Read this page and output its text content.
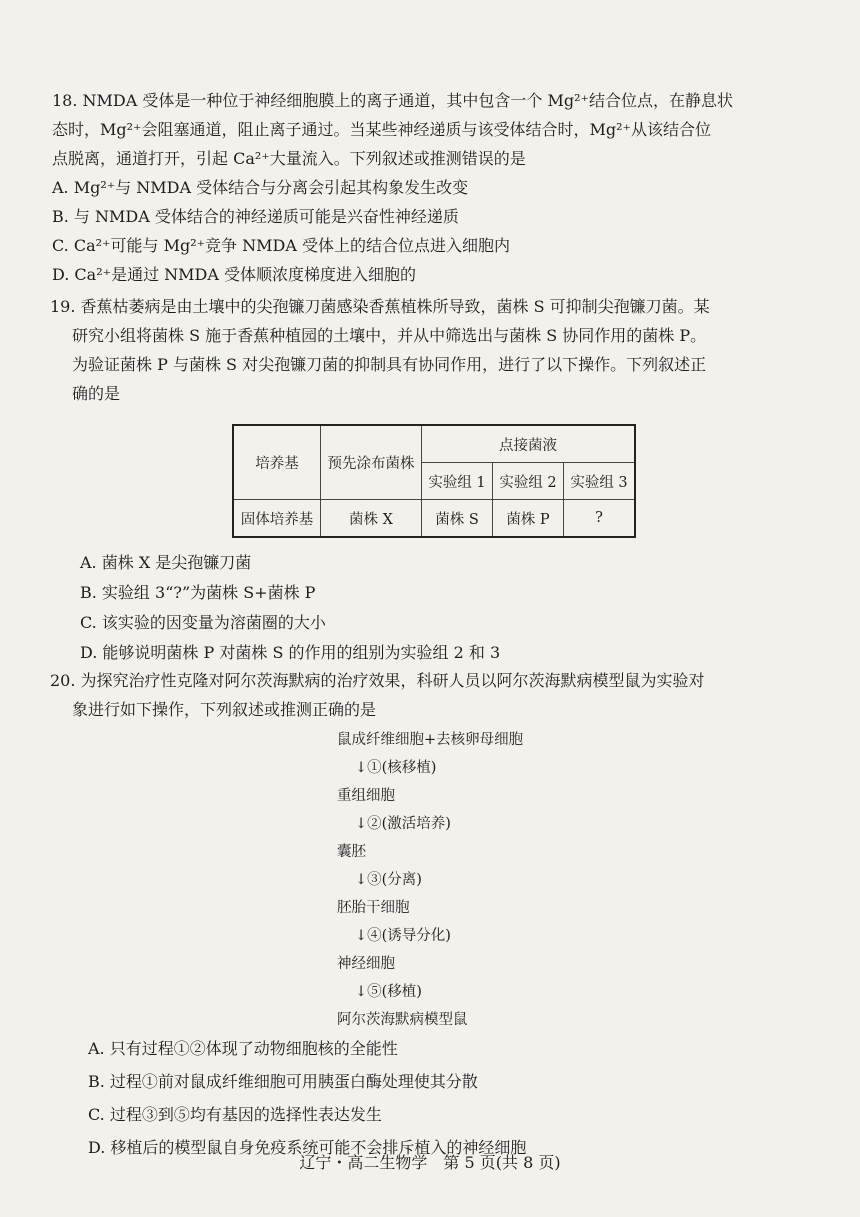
18. NMDA 受体是一种位于神经细胞膜上的离子通道，其中包含一个 Mg²⁺结合位点，在静息状

态时，Mg²⁺会阻塞通道，阻止离子通过。当某些神经递质与该受体结合时，Mg²⁺从该结合位

点脱离，通道打开，引起 Ca²⁺大量流入。下列叙述或推测错误的是

A. Mg²⁺与 NMDA 受体结合与分离会引起其构象发生改变

B. 与 NMDA 受体结合的神经递质可能是兴奋性神经递质

C. Ca²⁺可能与 Mg²⁺竞争 NMDA 受体上的结合位点进入细胞内

D. Ca²⁺是通过 NMDA 受体顺浓度梯度进入细胞的

19. 香蕉枯萎病是由土壤中的尖孢镰刀菌感染香蕉植株所导致，菌株 S 可抑制尖孢镰刀菌。某

研究小组将菌株 S 施于香蕉种植园的土壤中，并从中筛选出与菌株 S 协同作用的菌株 P。

为验证菌株 P 与菌株 S 对尖孢镰刀菌的抑制具有协同作用，进行了以下操作。下列叙述正

确的是

培养基	预先涂布菌株	点接菌液		
		实验组 1	实验组 2	实验组 3
固体培养基	菌株 X	菌株 S	菌株 P	?

A. 菌株 X 是尖孢镰刀菌

B. 实验组 3“?”为菌株 S+菌株 P

C. 该实验的因变量为溶菌圈的大小

D. 能够说明菌株 P 对菌株 S 的作用的组别为实验组 2 和 3

20. 为探究治疗性克隆对阿尔茨海默病的治疗效果，科研人员以阿尔茨海默病模型鼠为实验对

象进行如下操作，下列叙述或推测正确的是

鼠成纤维细胞+去核卵母细胞
↓①(核移植)
重组细胞
↓②(激活培养)
囊胚
↓③(分离)
胚胎干细胞
↓④(诱导分化)
神经细胞
↓⑤(移植)
阿尔茨海默病模型鼠

A. 只有过程①②体现了动物细胞核的全能性

B. 过程①前对鼠成纤维细胞可用胰蛋白酶处理使其分散

C. 过程③到⑤均有基因的选择性表达发生

D. 移植后的模型鼠自身免疫系统可能不会排斥植入的神经细胞

辽宁・高二生物学　第 5 页(共 8 页)
